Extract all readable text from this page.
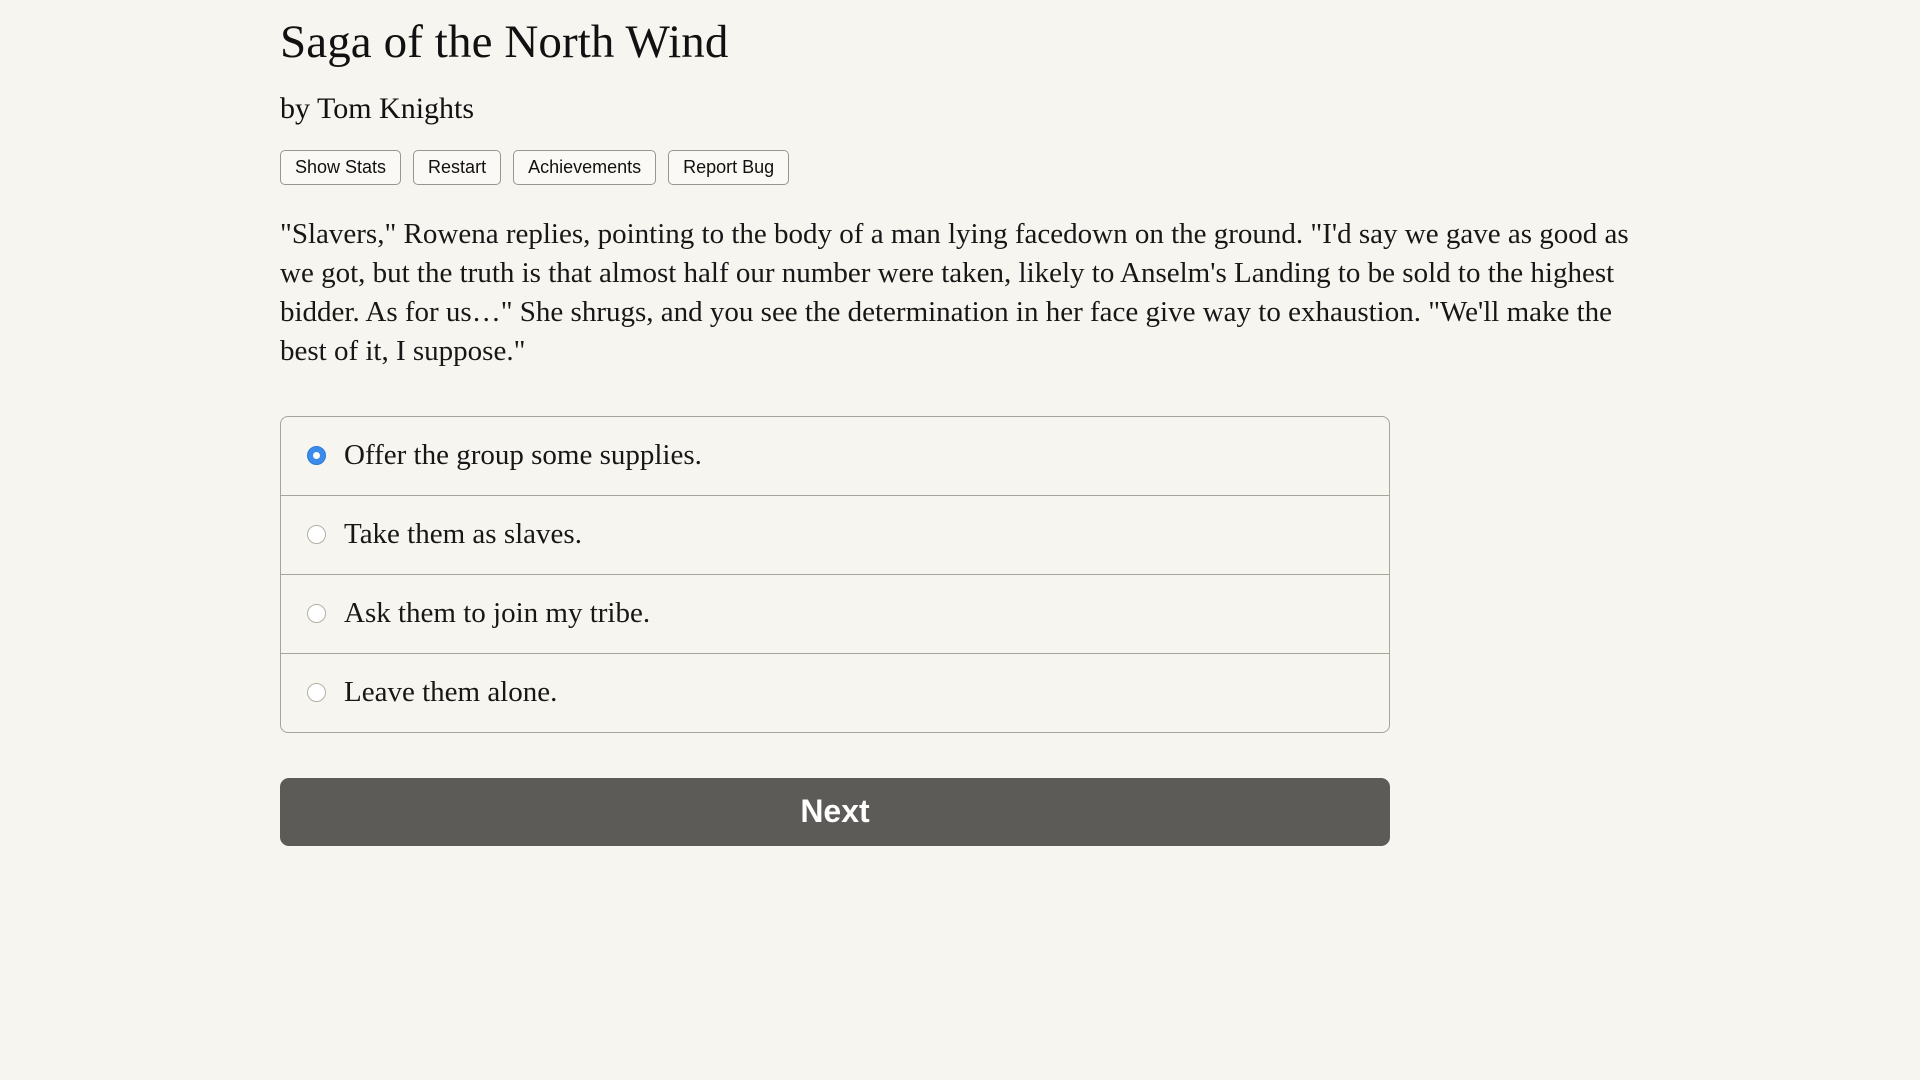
Saga of the North Wind
by Tom Knights
Show Stats	Restart	Achievements	Report Bug
"Slavers," Rowena replies, pointing to the body of a man lying facedown on the ground. "I'd say we gave as good as we got, but the truth is that almost half our number were taken, likely to Anselm's Landing to be sold to the highest bidder. As for us…" She shrugs, and you see the determination in her face give way to exhaustion. "We'll make the best of it, I suppose."
Offer the group some supplies.
Take them as slaves.
Ask them to join my tribe.
Leave them alone.
Next
